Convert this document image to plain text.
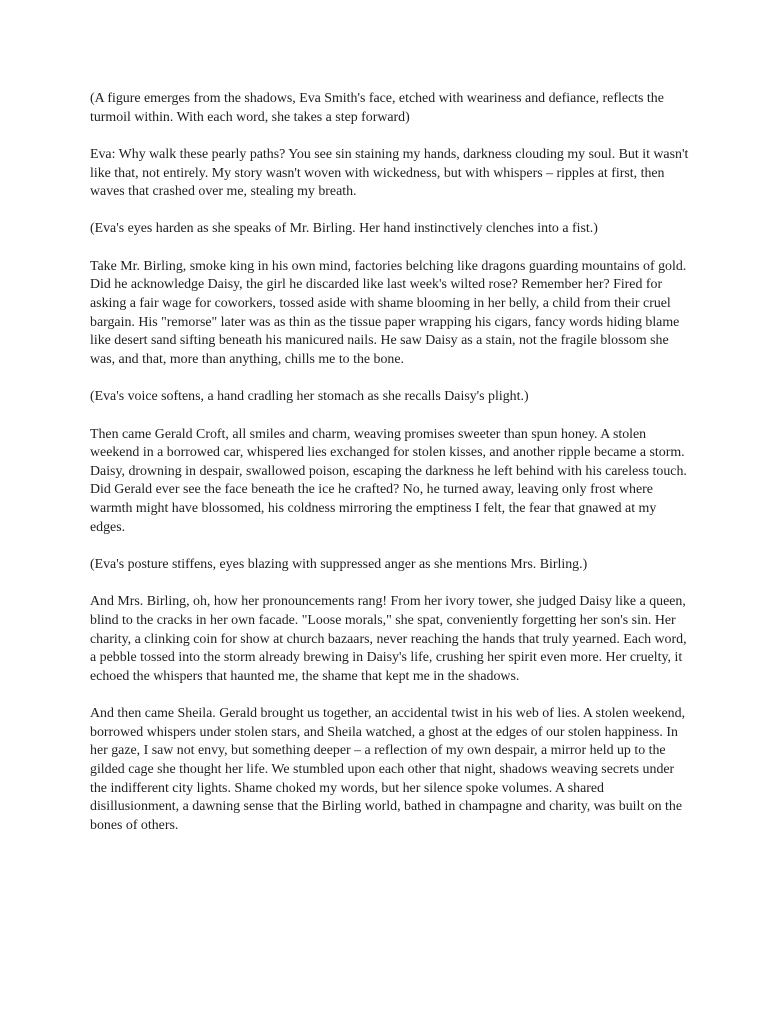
(A figure emerges from the shadows, Eva Smith's face, etched with weariness and defiance, reflects the turmoil within. With each word, she takes a step forward)

Eva: Why walk these pearly paths? You see sin staining my hands, darkness clouding my soul. But it wasn't like that, not entirely. My story wasn't woven with wickedness, but with whispers – ripples at first, then waves that crashed over me, stealing my breath.

(Eva's eyes harden as she speaks of Mr. Birling. Her hand instinctively clenches into a fist.)

Take Mr. Birling, smoke king in his own mind, factories belching like dragons guarding mountains of gold. Did he acknowledge Daisy, the girl he discarded like last week's wilted rose? Remember her? Fired for asking a fair wage for coworkers, tossed aside with shame blooming in her belly, a child from their cruel bargain. His "remorse" later was as thin as the tissue paper wrapping his cigars, fancy words hiding blame like desert sand sifting beneath his manicured nails. He saw Daisy as a stain, not the fragile blossom she was, and that, more than anything, chills me to the bone.

(Eva's voice softens, a hand cradling her stomach as she recalls Daisy's plight.)

Then came Gerald Croft, all smiles and charm, weaving promises sweeter than spun honey. A stolen weekend in a borrowed car, whispered lies exchanged for stolen kisses, and another ripple became a storm. Daisy, drowning in despair, swallowed poison, escaping the darkness he left behind with his careless touch. Did Gerald ever see the face beneath the ice he crafted? No, he turned away, leaving only frost where warmth might have blossomed, his coldness mirroring the emptiness I felt, the fear that gnawed at my edges.

(Eva's posture stiffens, eyes blazing with suppressed anger as she mentions Mrs. Birling.)

And Mrs. Birling, oh, how her pronouncements rang! From her ivory tower, she judged Daisy like a queen, blind to the cracks in her own facade. "Loose morals," she spat, conveniently forgetting her son's sin. Her charity, a clinking coin for show at church bazaars, never reaching the hands that truly yearned. Each word, a pebble tossed into the storm already brewing in Daisy's life, crushing her spirit even more. Her cruelty, it echoed the whispers that haunted me, the shame that kept me in the shadows.

And then came Sheila. Gerald brought us together, an accidental twist in his web of lies. A stolen weekend, borrowed whispers under stolen stars, and Sheila watched, a ghost at the edges of our stolen happiness. In her gaze, I saw not envy, but something deeper – a reflection of my own despair, a mirror held up to the gilded cage she thought her life. We stumbled upon each other that night, shadows weaving secrets under the indifferent city lights. Shame choked my words, but her silence spoke volumes. A shared disillusionment, a dawning sense that the Birling world, bathed in champagne and charity, was built on the bones of others.
